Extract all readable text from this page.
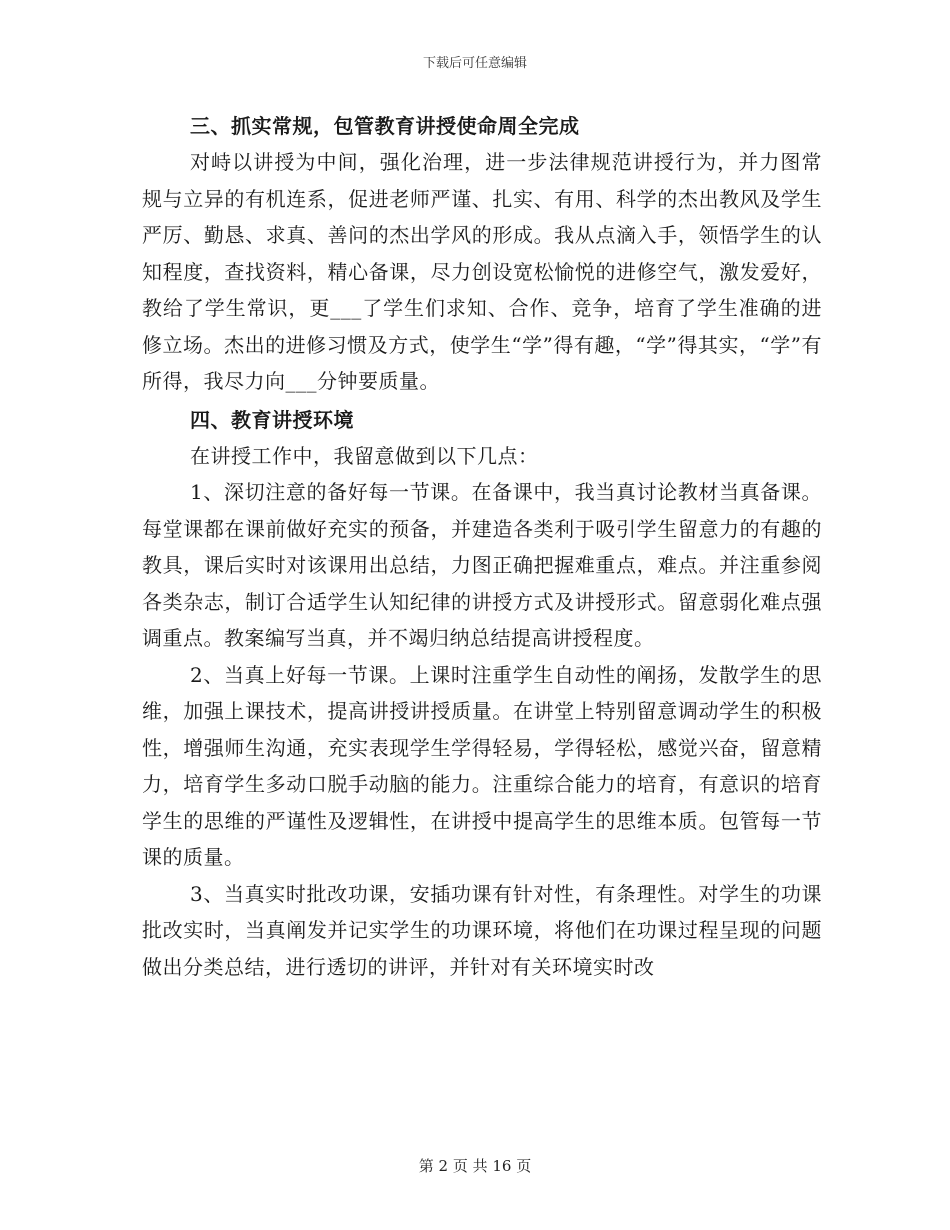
下载后可任意编辑
三、抓实常规，包管教育讲授使命周全完成

对峙以讲授为中间，强化治理，进一步法律规范讲授行为，并力图常规与立异的有机连系，促进老师严谨、扎实、有用、科学的杰出教风及学生严厉、勤恳、求真、善问的杰出学风的形成。我从点滴入手，领悟学生的认知程度，查找资料，精心备课，尽力创设宽松愉悦的进修空气，激发爱好，教给了学生常识，更___了学生们求知、合作、竞争，培育了学生准确的进修立场。杰出的进修习惯及方式，使学生“学”得有趣，“学”得其实，“学”有所得，我尽力向___分钟要质量。

四、教育讲授环境

在讲授工作中，我留意做到以下几点：

1、深切注意的备好每一节课。在备课中，我当真讨论教材当真备课。每堂课都在课前做好充实的预备，并建造各类利于吸引学生留意力的有趣的教具，课后实时对该课用出总结，力图正确把握难重点，难点。并注重参阅各类杂志，制订合适学生认知纪律的讲授方式及讲授形式。留意弱化难点强调重点。教案编写当真，并不竭归纳总结提高讲授程度。

2、当真上好每一节课。上课时注重学生自动性的阐扬，发散学生的思维，加强上课技术，提高讲授讲授质量。在讲堂上特别留意调动学生的积极性，增强师生沟通，充实表现学生学得轻易，学得轻松，感觉兴奋，留意精力，培育学生多动口脱手动脑的能力。注重综合能力的培育，有意识的培育学生的思维的严谨性及逻辑性，在讲授中提高学生的思维本质。包管每一节课的质量。

3、当真实时批改功课，安插功课有针对性，有条理性。对学生的功课批改实时，当真阐发并记实学生的功课环境，将他们在功课过程呈现的问题做出分类总结，进行透切的讲评，并针对有关环境实时改

第 2 页 共 16 页
